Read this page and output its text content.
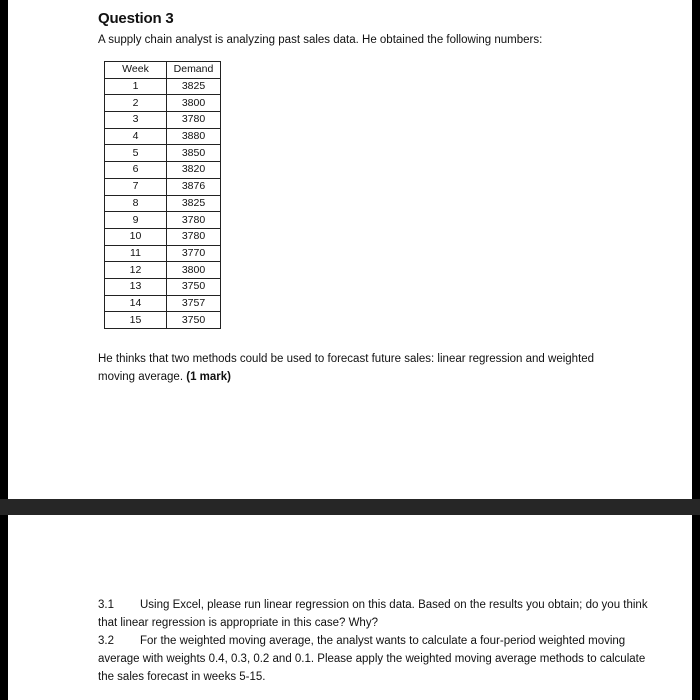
Question 3
A supply chain analyst is analyzing past sales data. He obtained the following numbers:
Week	Demand
1	3825
2	3800
3	3780
4	3880
5	3850
6	3820
7	3876
8	3825
9	3780
10	3780
11	3770
12	3800
13	3750
14	3757
15	3750
He thinks that two methods could be used to forecast future sales: linear regression and weighted moving average. (1 mark)

3.1 Using Excel, please run linear regression on this data. Based on the results you obtain; do you think that linear regression is appropriate in this case? Why?

3.2 For the weighted moving average, the analyst wants to calculate a four-period weighted moving average with weights 0.4, 0.3, 0.2 and 0.1. Please apply the weighted moving average methods to calculate the sales forecast in weeks 5-15.
